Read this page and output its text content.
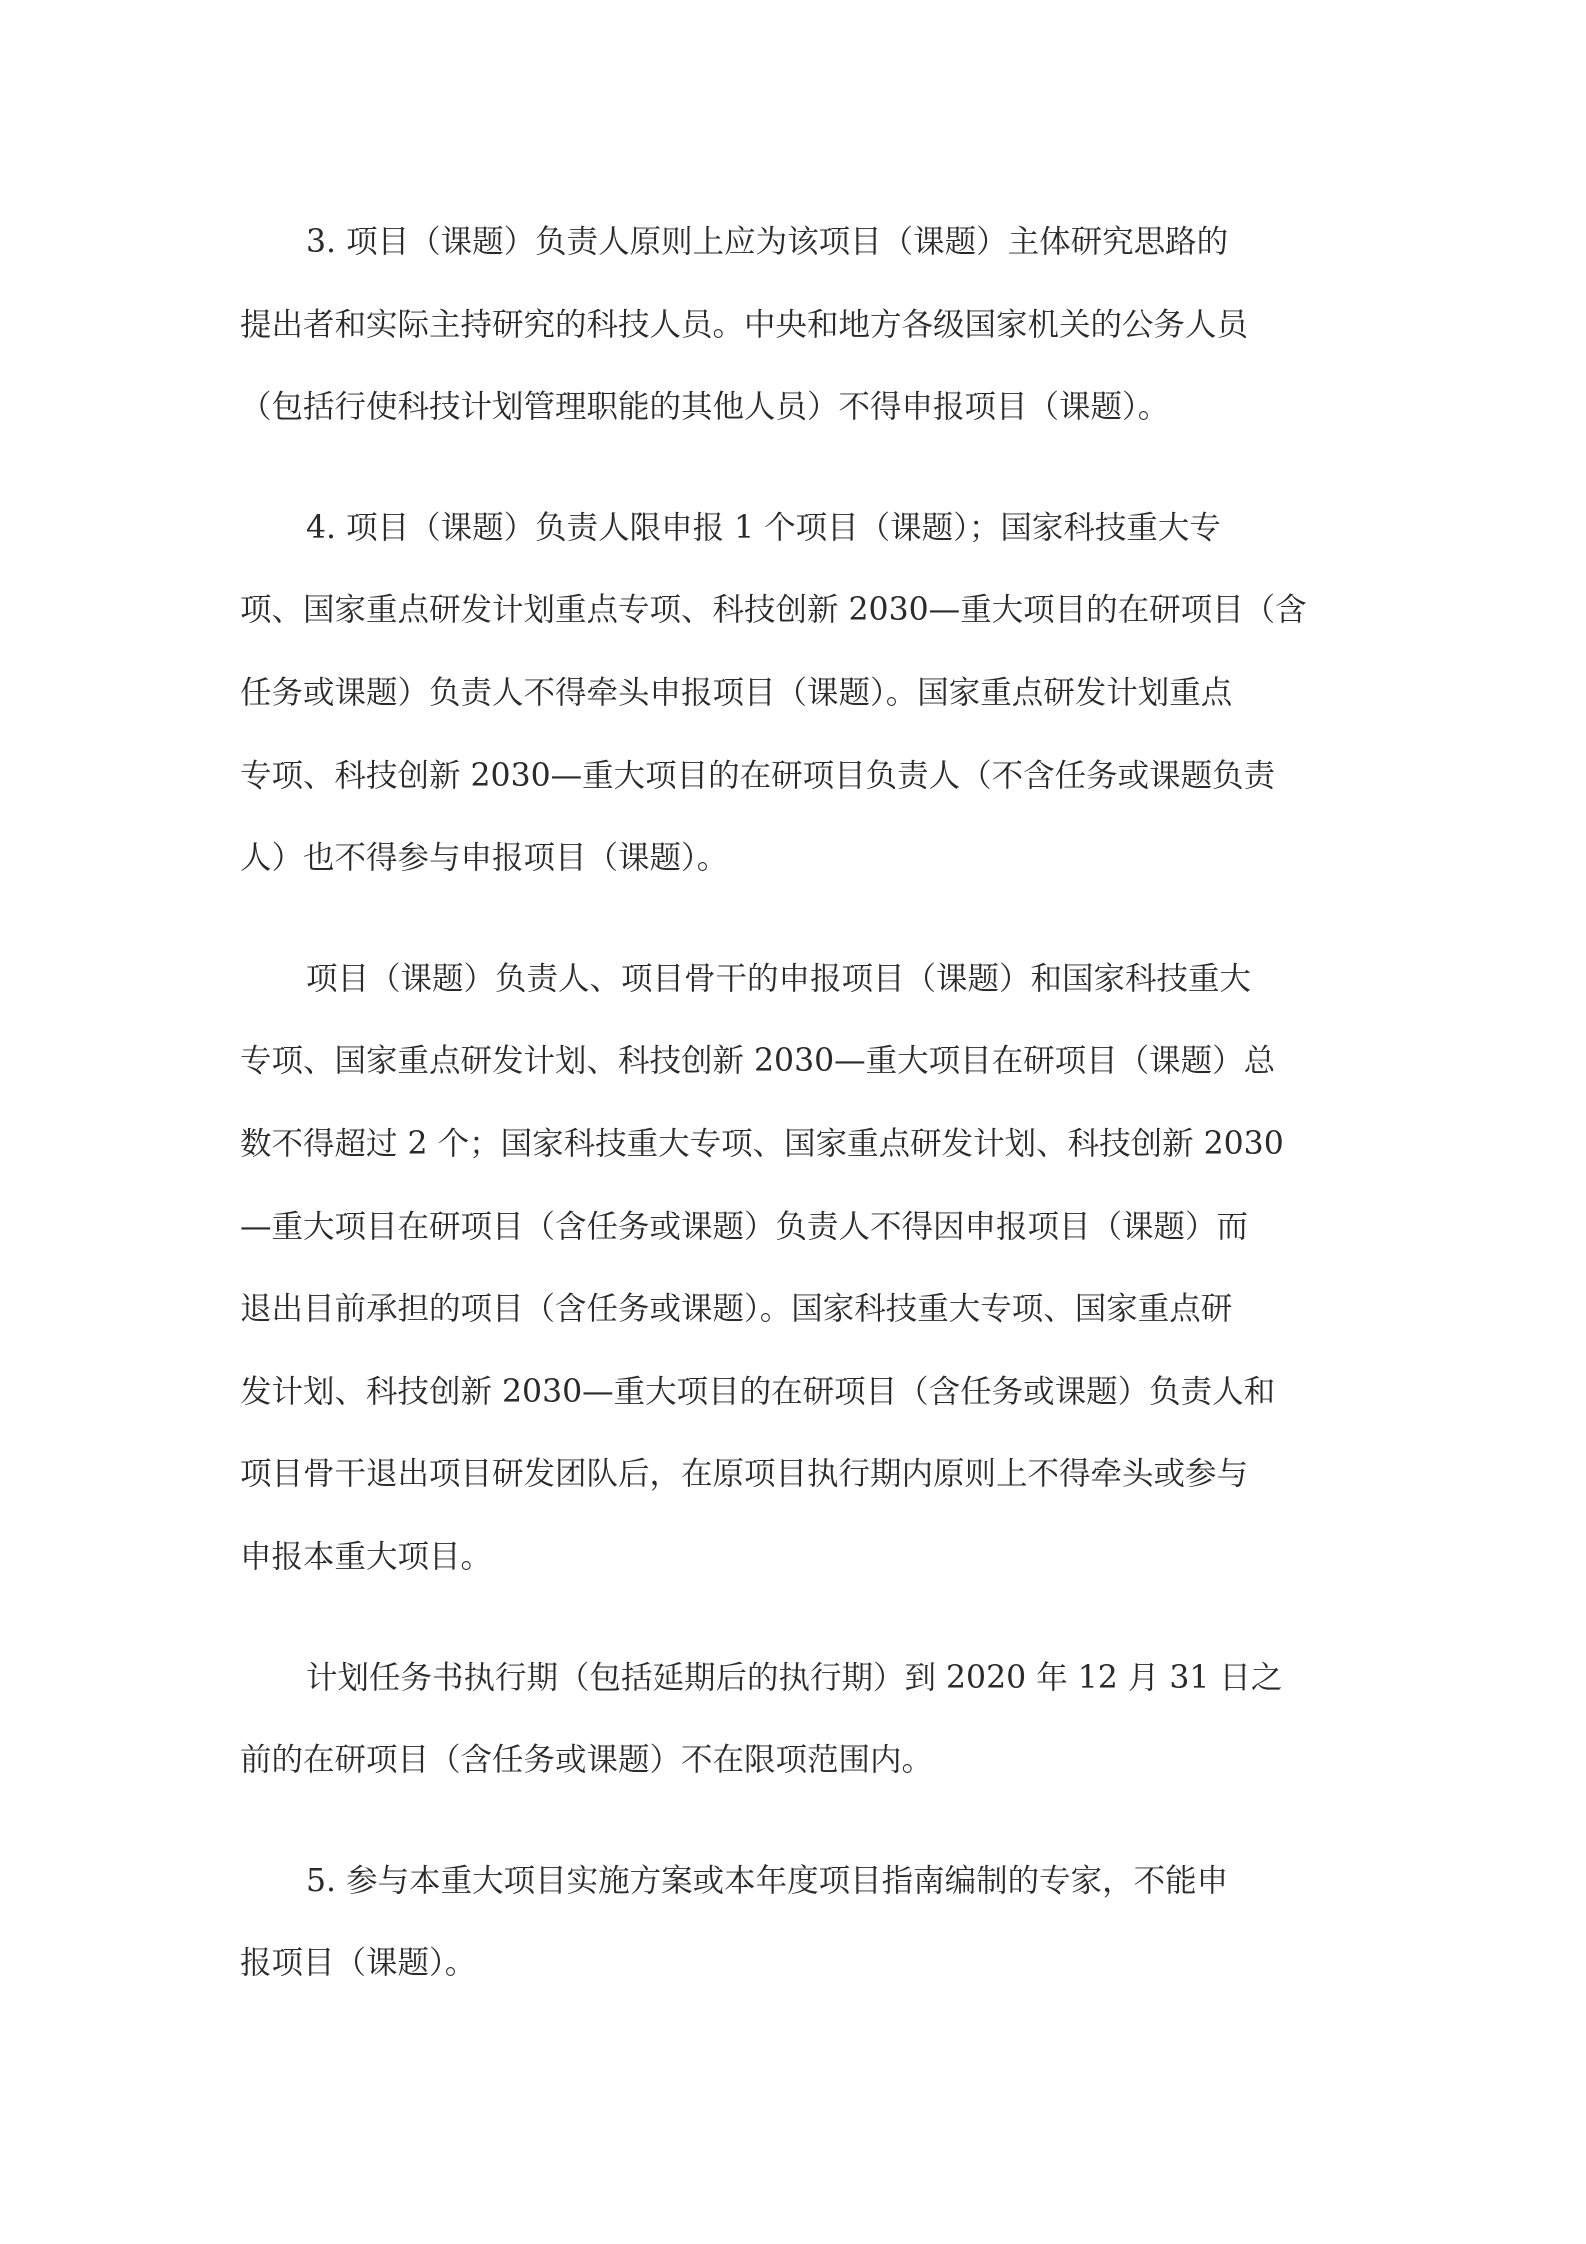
3. 项目（课题）负责人原则上应为该项目（课题）主体研究思路的
提出者和实际主持研究的科技人员。中央和地方各级国家机关的公务人员
（包括行使科技计划管理职能的其他人员）不得申报项目（课题）。

4. 项目（课题）负责人限申报 1 个项目（课题）；国家科技重大专
项、国家重点研发计划重点专项、科技创新 2030—重大项目的在研项目（含
任务或课题）负责人不得牵头申报项目（课题）。国家重点研发计划重点
专项、科技创新 2030—重大项目的在研项目负责人（不含任务或课题负责
人）也不得参与申报项目（课题）。

项目（课题）负责人、项目骨干的申报项目（课题）和国家科技重大
专项、国家重点研发计划、科技创新 2030—重大项目在研项目（课题）总
数不得超过 2 个；国家科技重大专项、国家重点研发计划、科技创新 2030
—重大项目在研项目（含任务或课题）负责人不得因申报项目（课题）而
退出目前承担的项目（含任务或课题）。国家科技重大专项、国家重点研
发计划、科技创新 2030—重大项目的在研项目（含任务或课题）负责人和
项目骨干退出项目研发团队后，在原项目执行期内原则上不得牵头或参与
申报本重大项目。

计划任务书执行期（包括延期后的执行期）到 2020 年 12 月 31 日之
前的在研项目（含任务或课题）不在限项范围内。

5. 参与本重大项目实施方案或本年度项目指南编制的专家，不能申
报项目（课题）。
